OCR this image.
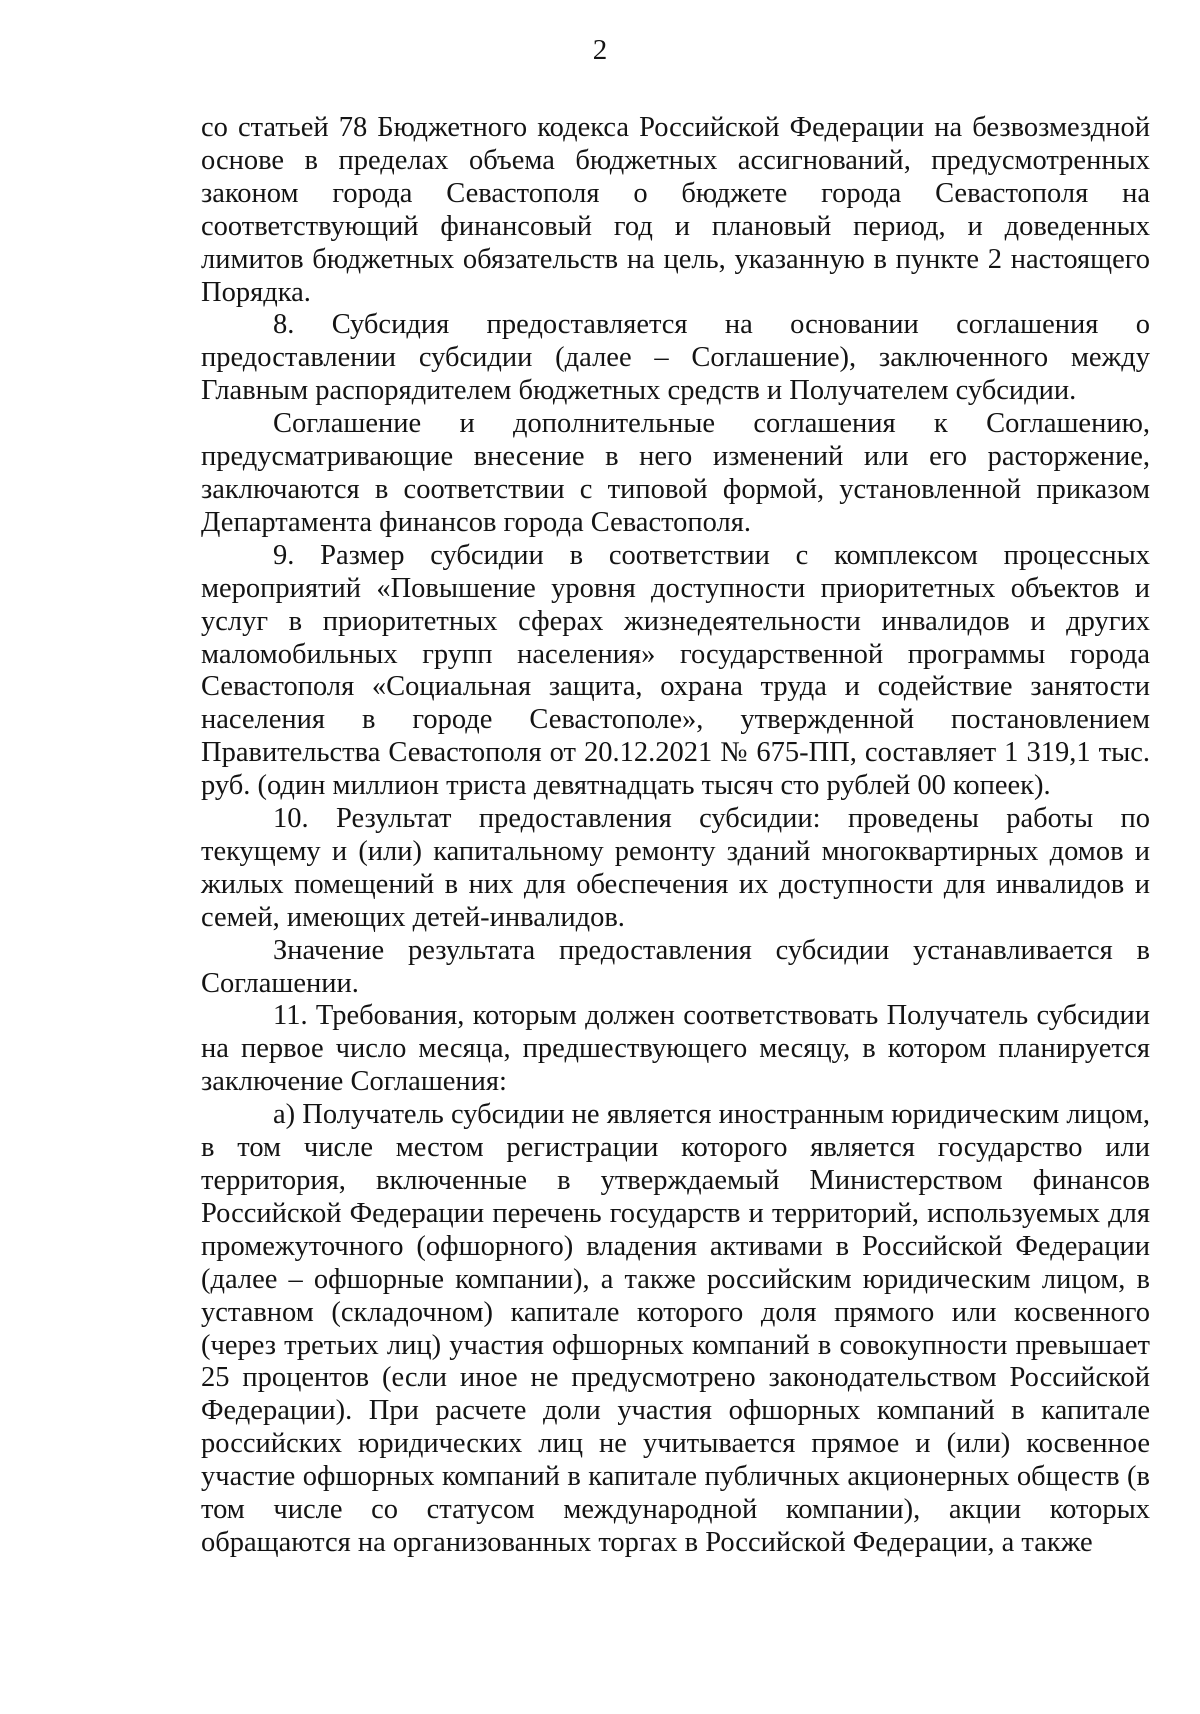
2

со статьей 78 Бюджетного кодекса Российской Федерации на безвозмездной основе в пределах объема бюджетных ассигнований, предусмотренных законом города Севастополя о бюджете города Севастополя на соответствующий финансовый год и плановый период, и доведенных лимитов бюджетных обязательств на цель, указанную в пункте 2 настоящего Порядка.

8. Субсидия предоставляется на основании соглашения о предоставлении субсидии (далее – Соглашение), заключенного между Главным распорядителем бюджетных средств и Получателем субсидии.

Соглашение и дополнительные соглашения к Соглашению, предусматривающие внесение в него изменений или его расторжение, заключаются в соответствии с типовой формой, установленной приказом Департамента финансов города Севастополя.

9. Размер субсидии в соответствии с комплексом процессных мероприятий «Повышение уровня доступности приоритетных объектов и услуг в приоритетных сферах жизнедеятельности инвалидов и других маломобильных групп населения» государственной программы города Севастополя «Социальная защита, охрана труда и содействие занятости населения в городе Севастополе», утвержденной постановлением Правительства Севастополя от 20.12.2021 № 675-ПП, составляет 1 319,1 тыс. руб. (один миллион триста девятнадцать тысяч сто рублей 00 копеек).

10. Результат предоставления субсидии: проведены работы по текущему и (или) капитальному ремонту зданий многоквартирных домов и жилых помещений в них для обеспечения их доступности для инвалидов и семей, имеющих детей-инвалидов.

Значение результата предоставления субсидии устанавливается в Соглашении.

11. Требования, которым должен соответствовать Получатель субсидии на первое число месяца, предшествующего месяцу, в котором планируется заключение Соглашения:

а) Получатель субсидии не является иностранным юридическим лицом, в том числе местом регистрации которого является государство или территория, включенные в утверждаемый Министерством финансов Российской Федерации перечень государств и территорий, используемых для промежуточного (офшорного) владения активами в Российской Федерации (далее – офшорные компании), а также российским юридическим лицом, в уставном (складочном) капитале которого доля прямого или косвенного (через третьих лиц) участия офшорных компаний в совокупности превышает 25 процентов (если иное не предусмотрено законодательством Российской Федерации). При расчете доли участия офшорных компаний в капитале российских юридических лиц не учитывается прямое и (или) косвенное участие офшорных компаний в капитале публичных акционерных обществ (в том числе со статусом международной компании), акции которых обращаются на организованных торгах в Российской Федерации, а также
